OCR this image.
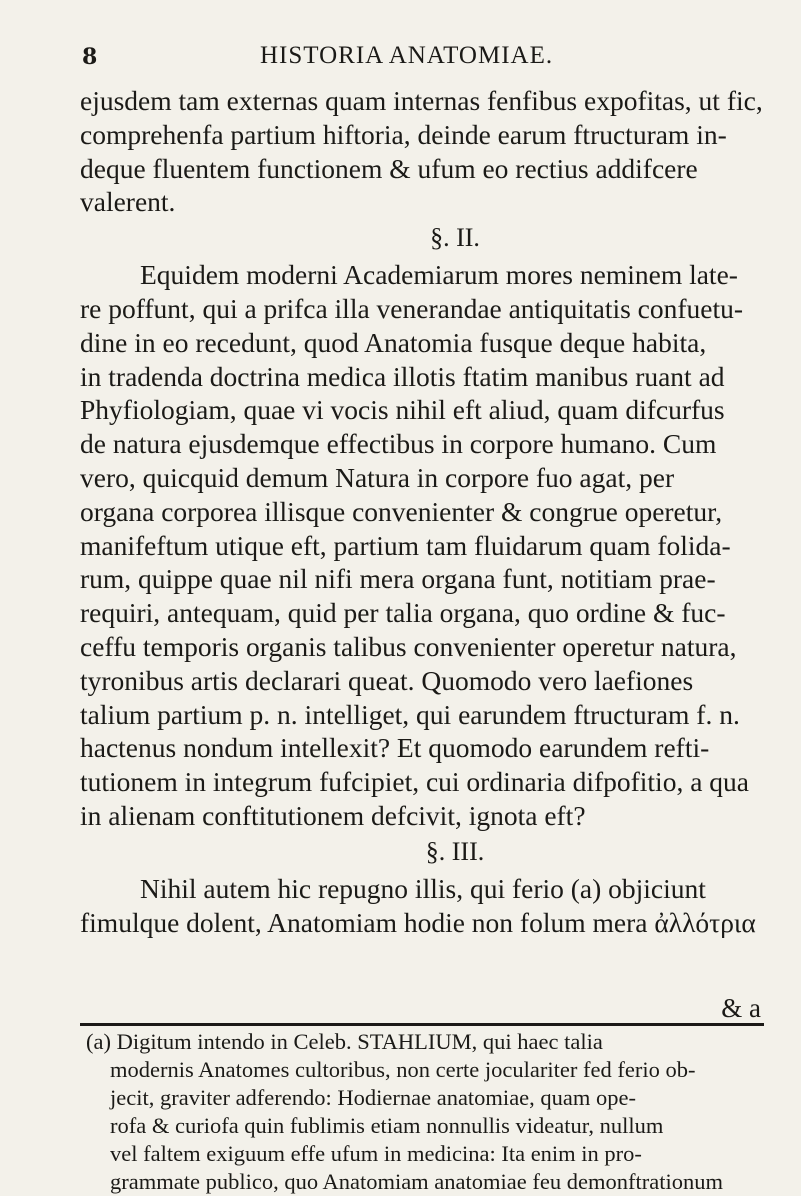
8	HISTORIA ANATOMIAE.
ejusdem tam externas quam internas fenfibus expofitas, ut fic,
comprehenfa partium hiftoria, deinde earum ftructuram in-
deque fluentem functionem & ufum eo rectius addifcere
valerent.
§. II.
Equidem moderni Academiarum mores neminem late-
re poffunt, qui a prifca illa venerandae antiquitatis confuetu-
dine in eo recedunt, quod Anatomia fusque deque habita,
in tradenda doctrina medica illotis ftatim manibus ruant ad
Phyfiologiam, quae vi vocis nihil eft aliud, quam difcurfus
de natura ejusdemque effectibus in corpore humano. Cum
vero, quicquid demum Natura in corpore fuo agat, per
organa corporea illisque convenienter & congrue operetur,
manifeftum utique eft, partium tam fluidarum quam folida-
rum, quippe quae nil nifi mera organa funt, notitiam prae-
requiri, antequam, quid per talia organa, quo ordine & fuc-
ceffu temporis organis talibus convenienter operetur natura,
tyronibus artis declarari queat. Quomodo vero laefiones
talium partium p. n. intelliget, qui earundem ftructuram f. n.
hactenus nondum intellexit? Et quomodo earundem refti-
tutionem in integrum fufcipiet, cui ordinaria difpofitio, a qua
in alienam conftitutionem defcivit, ignota eft?
§. III.
Nihil autem hic repugno illis, qui ferio (a) objiciunt
fimulque dolent, Anatomiam hodie non folum mera ἀλλότρια
& a
(a) Digitum intendo in Celeb. STAHLIUM, qui haec talia
modernis Anatomes cultoribus, non certe joculariter fed ferio ob-
jecit, graviter adferendo: Hodiernae anatomiae, quam ope-
rofa & curiofa quin fublimis etiam nonnullis videatur, nullum
vel faltem exiguum effe ufum in medicina: Ita enim in pro-
grammate publico, quo Anatomiam anatomiae feu demonftrationum
